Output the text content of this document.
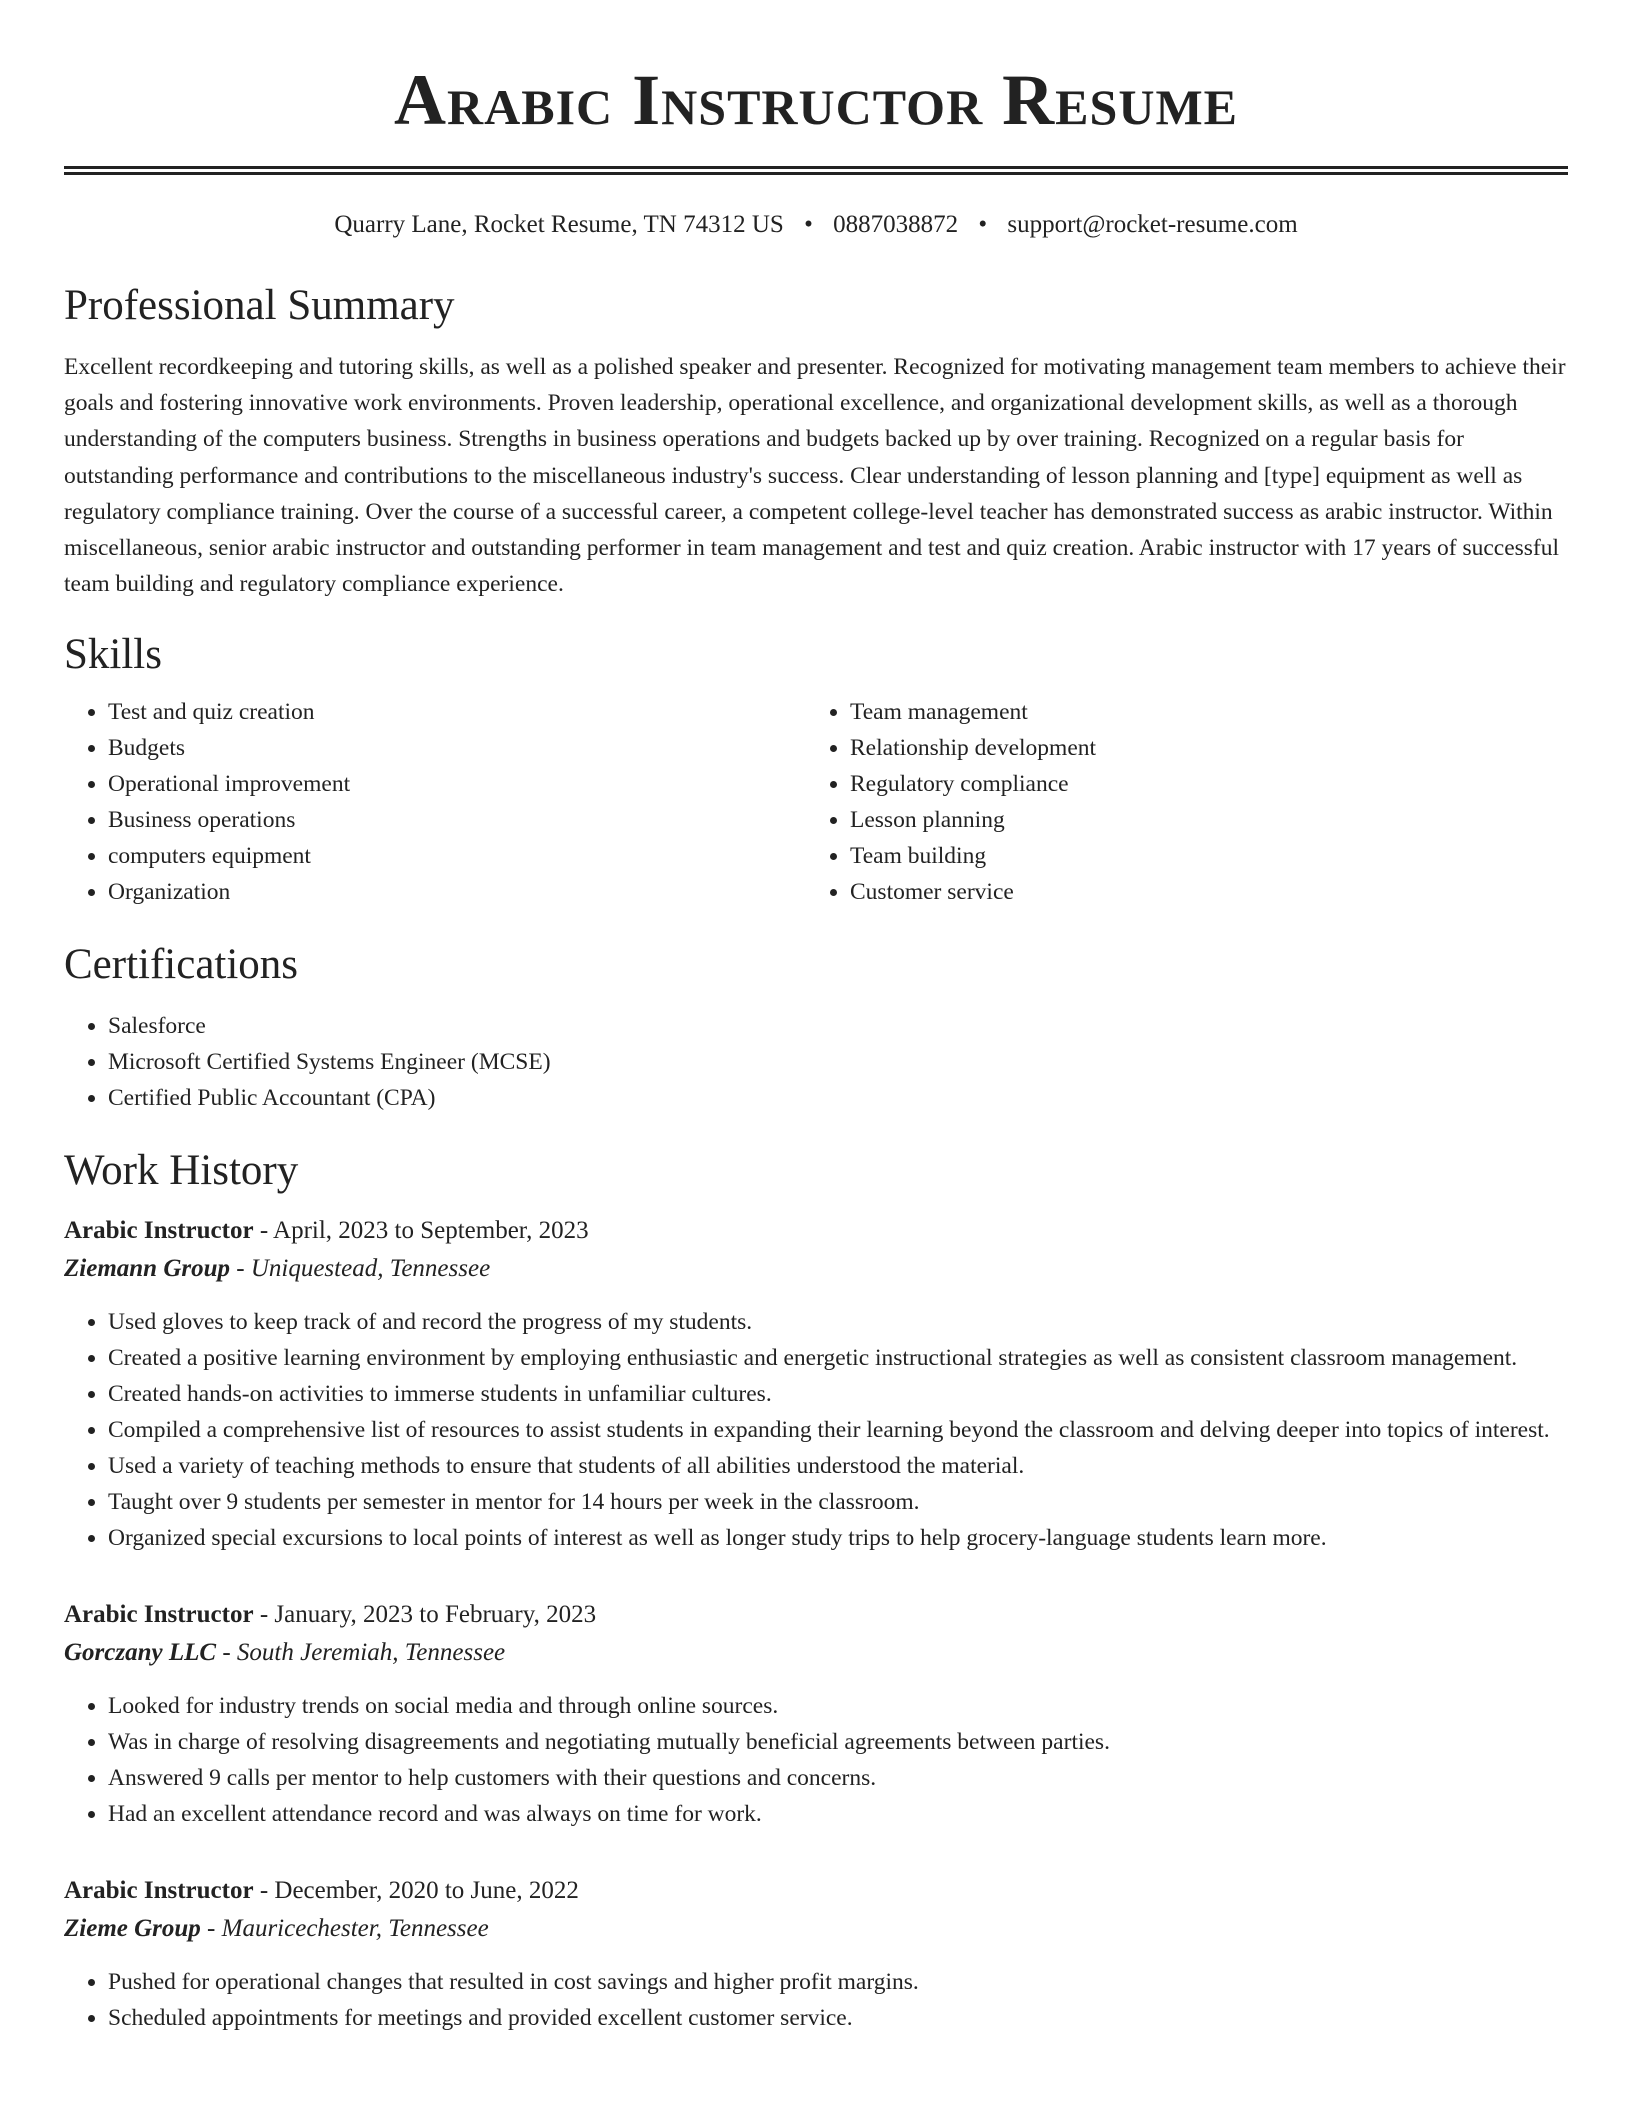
Arabic Instructor Resume
Quarry Lane, Rocket Resume, TN 74312 US • 0887038872 • support@rocket-resume.com
Professional Summary

Excellent recordkeeping and tutoring skills, as well as a polished speaker and presenter. Recognized for motivating management team members to achieve their goals and fostering innovative work environments. Proven leadership, operational excellence, and organizational development skills, as well as a thorough understanding of the computers business. Strengths in business operations and budgets backed up by over training. Recognized on a regular basis for outstanding performance and contributions to the miscellaneous industry's success. Clear understanding of lesson planning and [type] equipment as well as regulatory compliance training. Over the course of a successful career, a competent college-level teacher has demonstrated success as arabic instructor. Within miscellaneous, senior arabic instructor and outstanding performer in team management and test and quiz creation. Arabic instructor with 17 years of successful team building and regulatory compliance experience.

Skills
• Test and quiz creation
• Budgets
• Operational improvement
• Business operations
• computers equipment
• Organization
• Team management
• Relationship development
• Regulatory compliance
• Lesson planning
• Team building
• Customer service
Certifications
• Salesforce
• Microsoft Certified Systems Engineer (MCSE)
• Certified Public Accountant (CPA)
Work History
Arabic Instructor - April, 2023 to September, 2023
Ziemann Group - Uniquestead, Tennessee
• Used gloves to keep track of and record the progress of my students.
• Created a positive learning environment by employing enthusiastic and energetic instructional strategies as well as consistent classroom management.
• Created hands-on activities to immerse students in unfamiliar cultures.
• Compiled a comprehensive list of resources to assist students in expanding their learning beyond the classroom and delving deeper into topics of interest.
• Used a variety of teaching methods to ensure that students of all abilities understood the material.
• Taught over 9 students per semester in mentor for 14 hours per week in the classroom.
• Organized special excursions to local points of interest as well as longer study trips to help grocery-language students learn more.
Arabic Instructor - January, 2023 to February, 2023
Gorczany LLC - South Jeremiah, Tennessee
• Looked for industry trends on social media and through online sources.
• Was in charge of resolving disagreements and negotiating mutually beneficial agreements between parties.
• Answered 9 calls per mentor to help customers with their questions and concerns.
• Had an excellent attendance record and was always on time for work.
Arabic Instructor - December, 2020 to June, 2022
Zieme Group - Mauricechester, Tennessee
• Pushed for operational changes that resulted in cost savings and higher profit margins.
• Scheduled appointments for meetings and provided excellent customer service.
